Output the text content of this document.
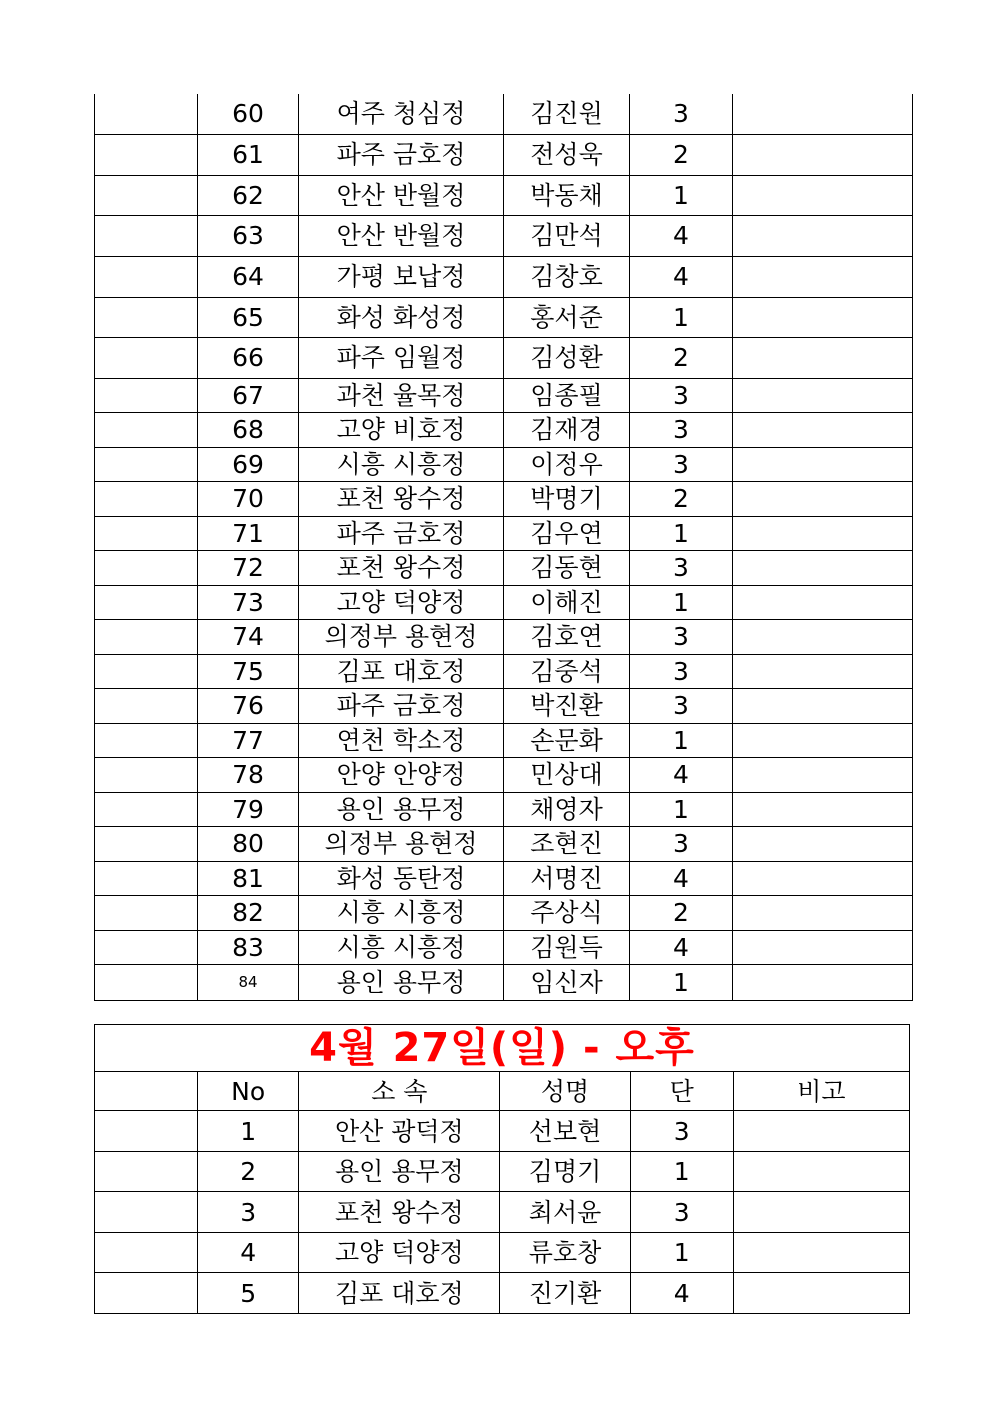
	60	여주 청심정	김진원	3	
	61	파주 금호정	전성욱	2	
	62	안산 반월정	박동채	1	
	63	안산 반월정	김만석	4	
	64	가평 보납정	김창호	4	
	65	화성 화성정	홍서준	1	
	66	파주 임월정	김성환	2	
	67	과천 율목정	임종필	3	
	68	고양 비호정	김재경	3	
	69	시흥 시흥정	이정우	3	
	70	포천 왕수정	박명기	2	
	71	파주 금호정	김우연	1	
	72	포천 왕수정	김동현	3	
	73	고양 덕양정	이해진	1	
	74	의정부 용현정	김호연	3	
	75	김포 대호정	김중석	3	
	76	파주 금호정	박진환	3	
	77	연천 학소정	손문화	1	
	78	안양 안양정	민상대	4	
	79	용인 용무정	채영자	1	
	80	의정부 용현정	조현진	3	
	81	화성 동탄정	서명진	4	
	82	시흥 시흥정	주상식	2	
	83	시흥 시흥정	김원득	4	
	84	용인 용무정	임신자	1	
4월 27일(일) - 오후					
	No	소 속	성명	단	비고
	1	안산 광덕정	선보현	3	
	2	용인 용무정	김명기	1	
	3	포천 왕수정	최서윤	3	
	4	고양 덕양정	류호창	1	
	5	김포 대호정	진기환	4	
